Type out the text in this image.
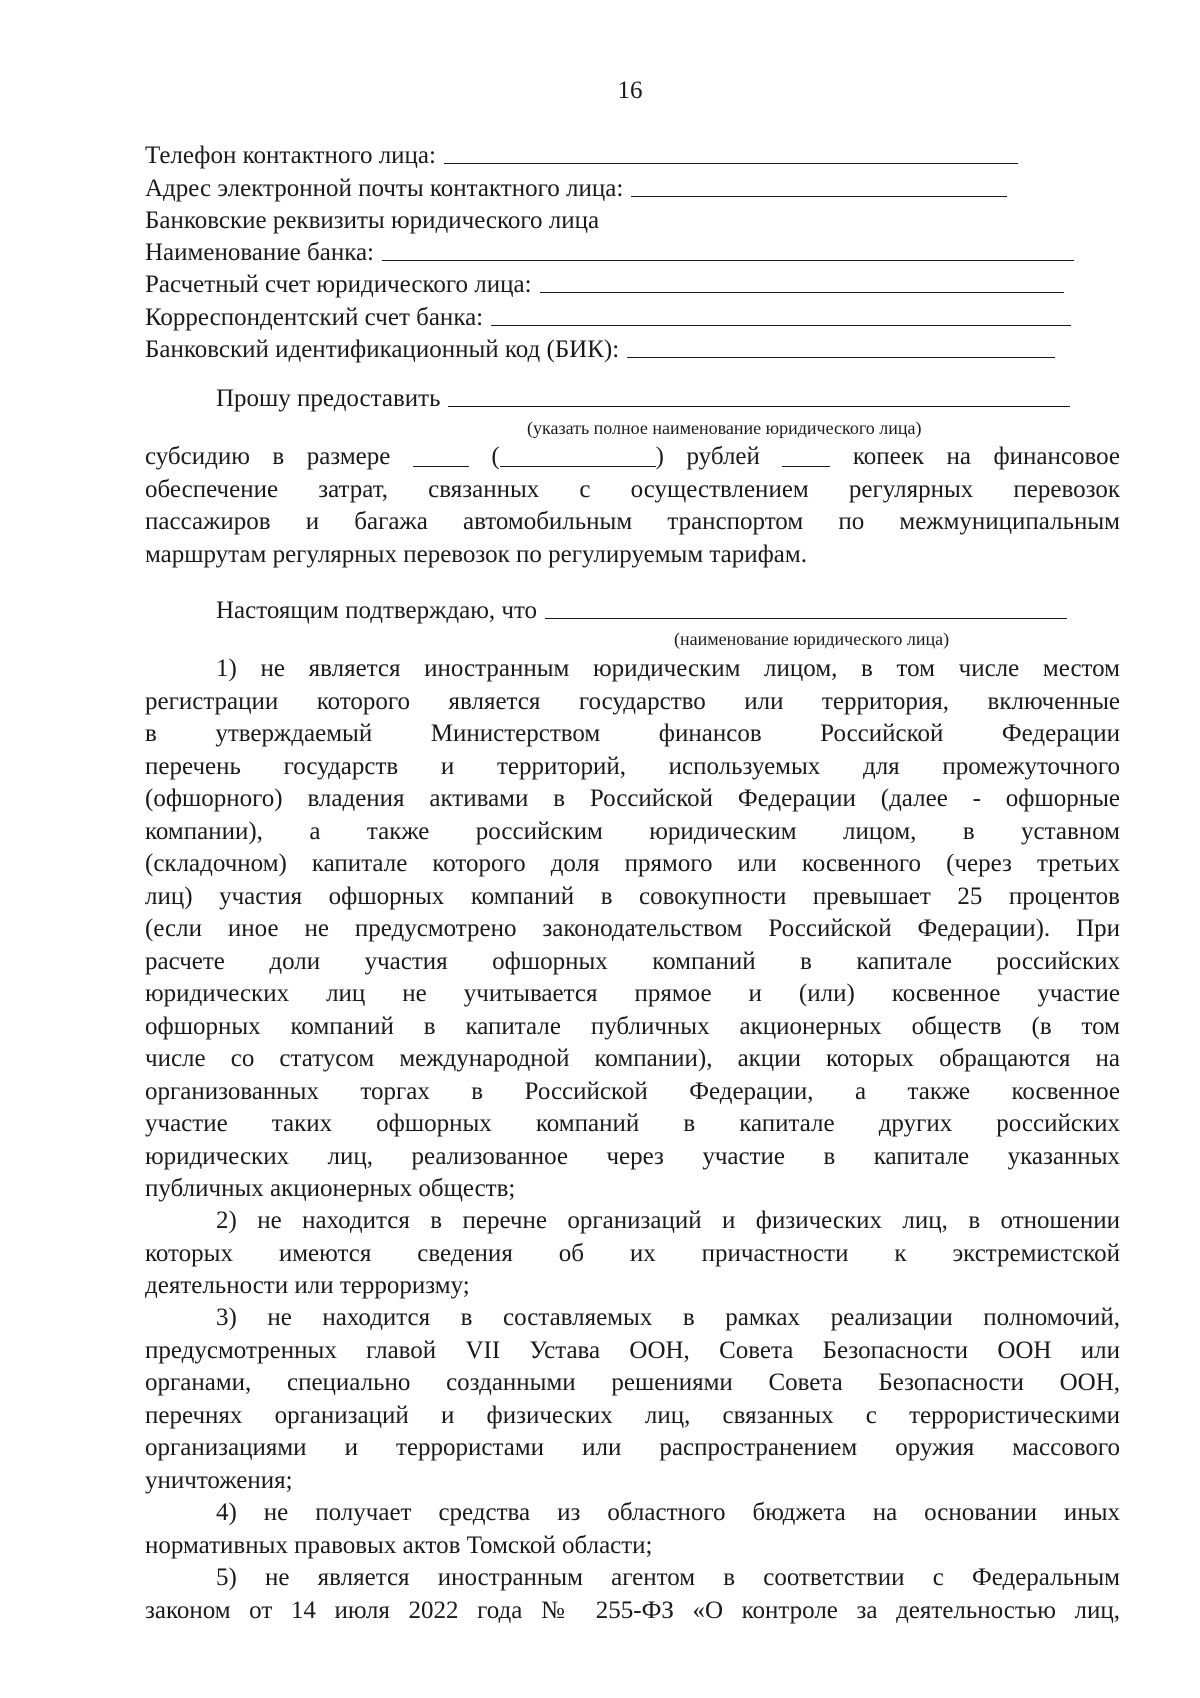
16
Телефон контактного лица:
Адрес электронной почты контактного лица:
Банковские реквизиты юридического лица
Наименование банка:
Расчетный счет юридического лица:
Корреспондентский счет банка:
Банковский идентификационный код (БИК):
Прошу предоставить
(указать полное наименование юридического лица)
субсидию в размере	(	) рублей	копеек на финансовое
обеспечение затрат, связанных с осуществлением регулярных перевозок
пассажиров и багажа автомобильным транспортом по межмуниципальным
маршрутам регулярных перевозок по регулируемым тарифам.
Настоящим подтверждаю, что
(наименование юридического лица)
1) не является иностранным юридическим лицом, в том числе местом
регистрации которого является государство или территория, включенные
в утверждаемый Министерством финансов Российской Федерации
перечень государств и территорий, используемых для промежуточного
(офшорного) владения активами в Российской Федерации (далее - офшорные
компании), а также российским юридическим лицом, в уставном
(складочном) капитале которого доля прямого или косвенного (через третьих
лиц) участия офшорных компаний в совокупности превышает 25 процентов
(если иное не предусмотрено законодательством Российской Федерации). При
расчете доли участия офшорных компаний в капитале российских
юридических лиц не учитывается прямое и (или) косвенное участие
офшорных компаний в капитале публичных акционерных обществ (в том
числе со статусом международной компании), акции которых обращаются на
организованных торгах в Российской Федерации, а также косвенное
участие таких офшорных компаний в капитале других российских
юридических лиц, реализованное через участие в капитале указанных
публичных акционерных обществ;
2) не находится в перечне организаций и физических лиц, в отношении
которых имеются сведения об их причастности к экстремистской
деятельности или терроризму;
3) не находится в составляемых в рамках реализации полномочий,
предусмотренных главой VII Устава ООН, Совета Безопасности ООН или
органами, специально созданными решениями Совета Безопасности ООН,
перечнях организаций и физических лиц, связанных с террористическими
организациями и террористами или распространением оружия массового
уничтожения;
4) не получает средства из областного бюджета на основании иных
нормативных правовых актов Томской области;
5) не является иностранным агентом в соответствии с Федеральным
законом от 14 июля 2022 года № 255-ФЗ «О контроле за деятельностью лиц,
